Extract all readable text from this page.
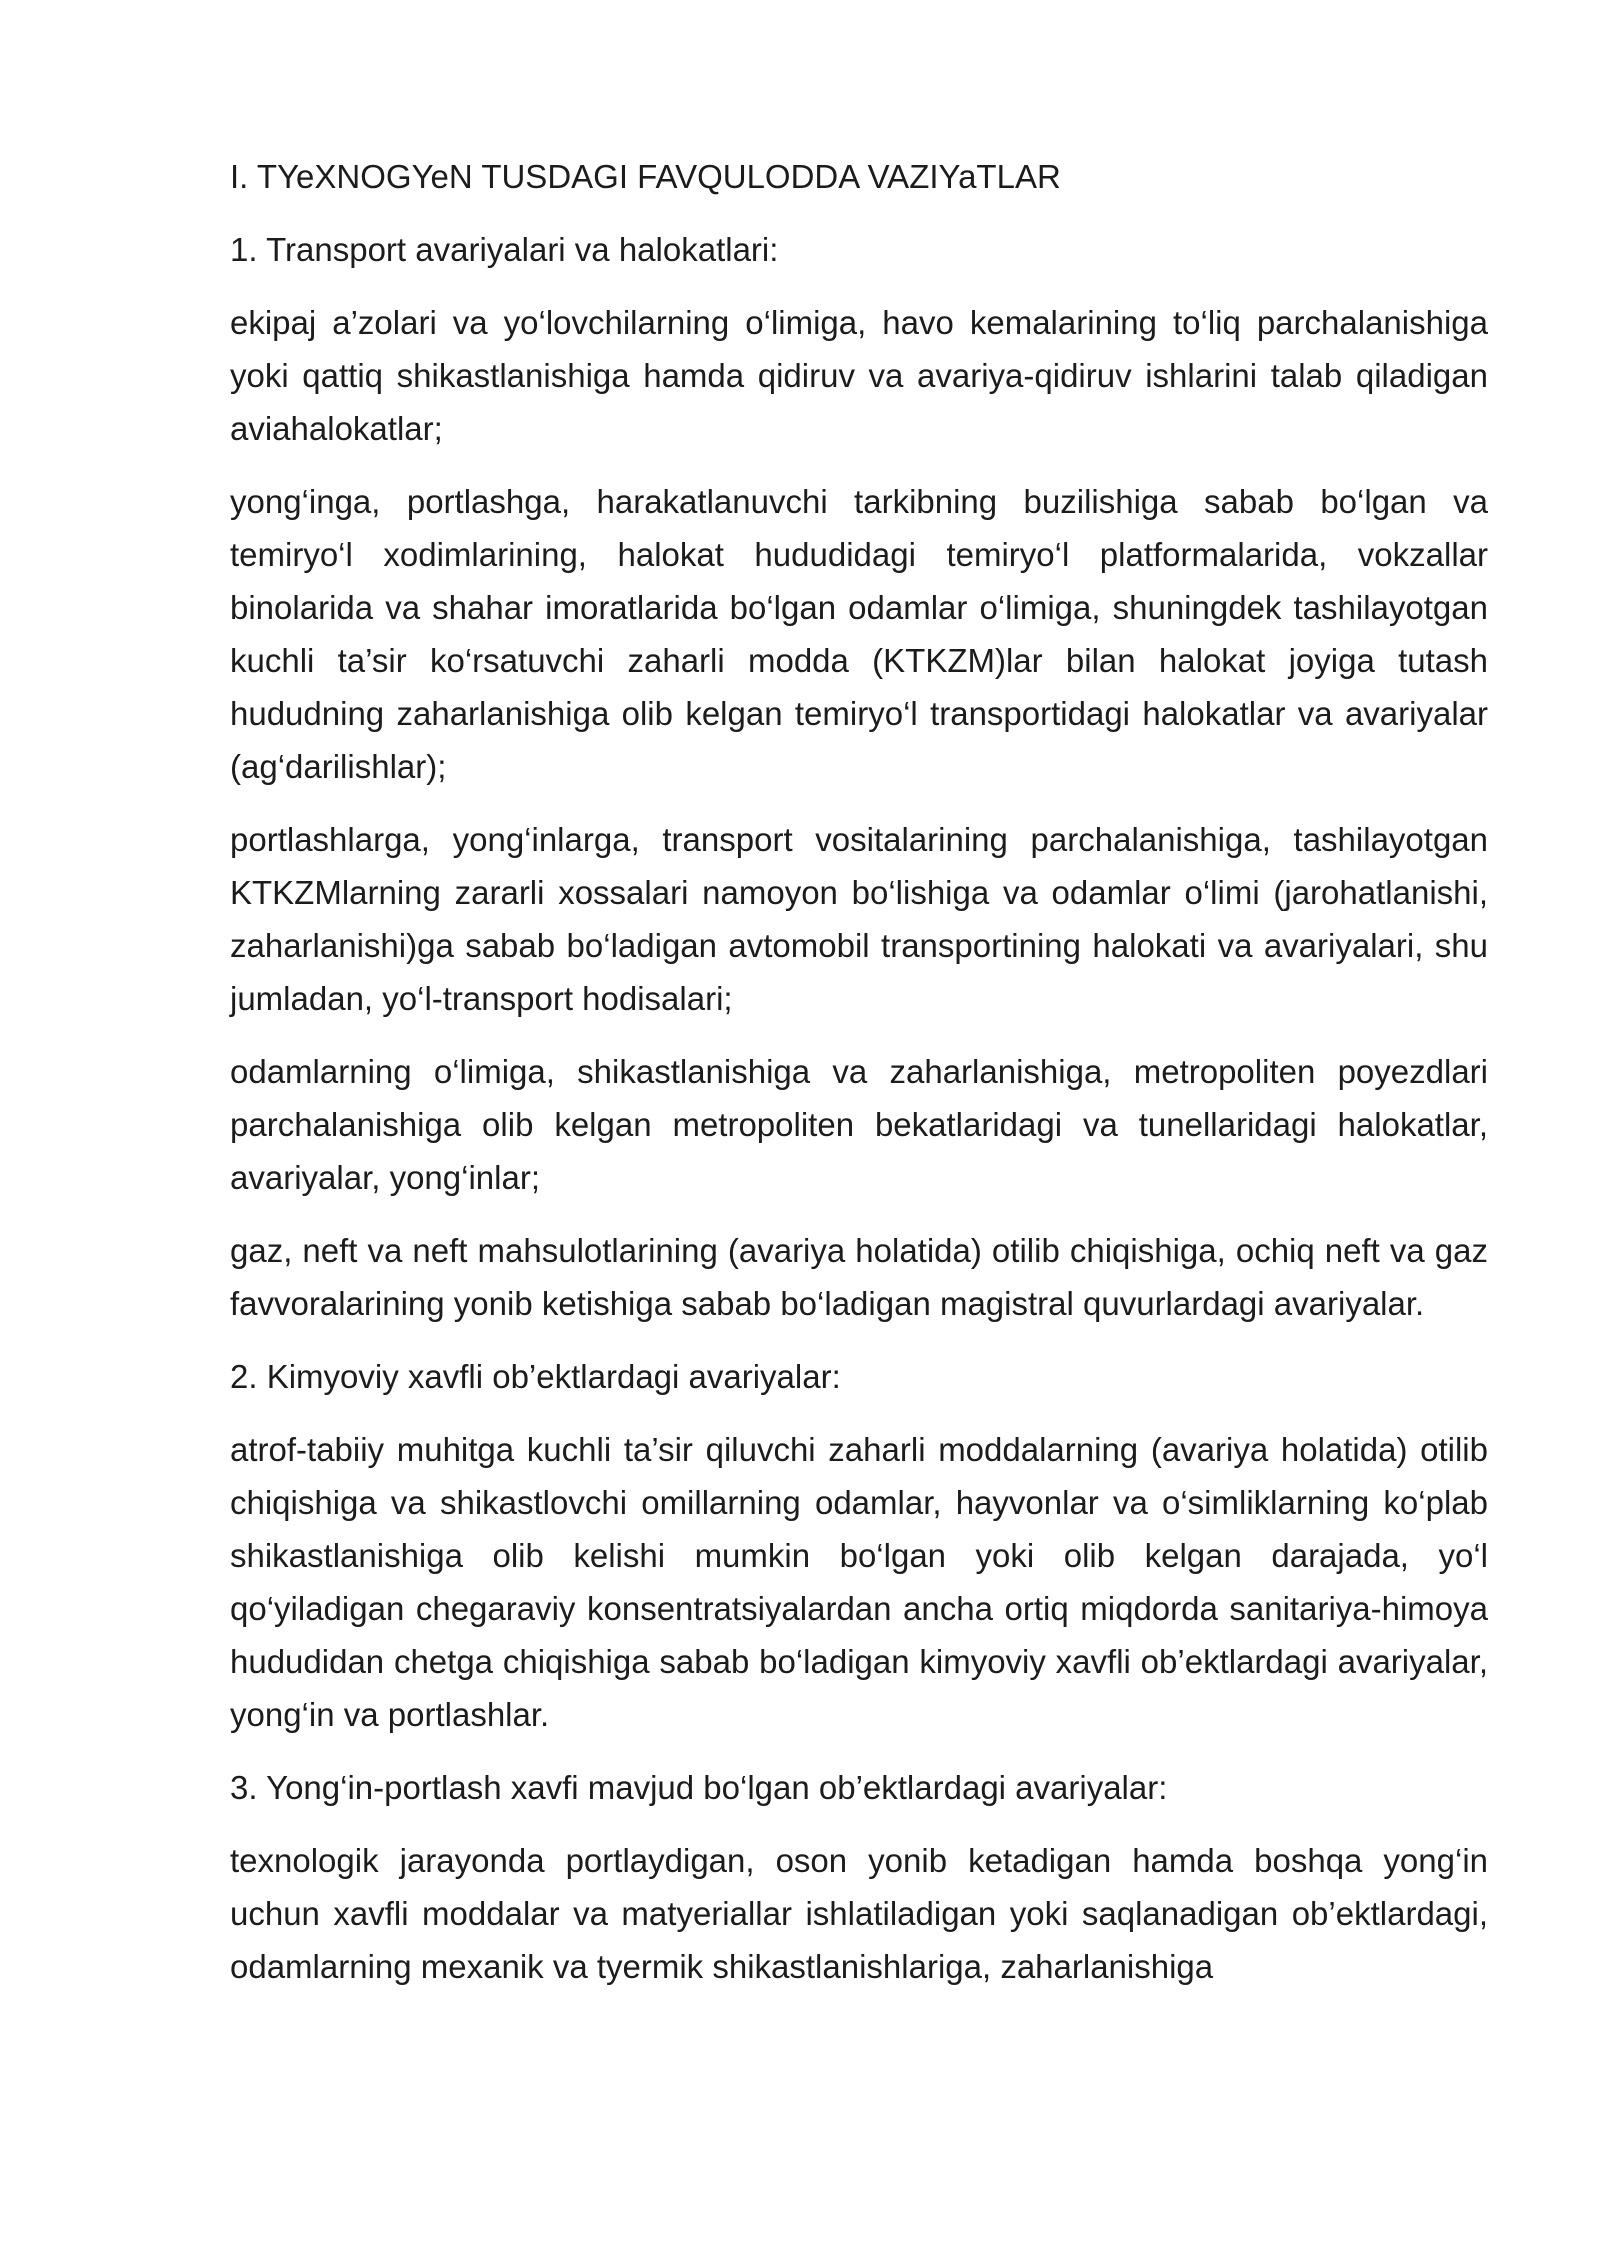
I. TYeXNOGYeN TUSDAGI FAVQULODDA VAZIYaTLAR

1. Transport avariyalari va halokatlari:

ekipaj a’zolari va yo‘lovchilarning o‘limiga, havo kemalarining to‘liq parchalanishiga yoki qattiq shikastlanishiga hamda qidiruv va avariya-qidiruv ishlarini talab qiladigan aviahalokatlar;

yong‘inga, portlashga, harakatlanuvchi tarkibning buzilishiga sabab bo‘lgan va temiryo‘l xodimlarining, halokat hududidagi temiryo‘l platformalarida, vokzallar binolarida va shahar imoratlarida bo‘lgan odamlar o‘limiga, shuningdek tashilayotgan kuchli ta’sir ko‘rsatuvchi zaharli modda (KTKZM)lar bilan halokat joyiga tutash hududning zaharlanishiga olib kelgan temiryo‘l transportidagi halokatlar va avariyalar (ag‘darilishlar);

portlashlarga, yong‘inlarga, transport vositalarining parchalanishiga, tashilayotgan KTKZMlarning zararli xossalari namoyon bo‘lishiga va odamlar o‘limi (jarohatlanishi, zaharlanishi)ga sabab bo‘ladigan avtomobil transportining halokati va avariyalari, shu jumladan, yo‘l-transport hodisalari;

odamlarning o‘limiga, shikastlanishiga va zaharlanishiga, metropoliten poyezdlari parchalanishiga olib kelgan metropoliten bekatlaridagi va tunellaridagi halokatlar, avariyalar, yong‘inlar;

gaz, neft va neft mahsulotlarining (avariya holatida) otilib chiqishiga, ochiq neft va gaz favvoralarining yonib ketishiga sabab bo‘ladigan magistral quvurlardagi avariyalar.

2. Kimyoviy xavfli ob’ektlardagi avariyalar:

atrof-tabiiy muhitga kuchli ta’sir qiluvchi zaharli moddalarning (avariya holatida) otilib chiqishiga va shikastlovchi omillarning odamlar, hayvonlar va o‘simliklarning ko‘plab shikastlanishiga olib kelishi mumkin bo‘lgan yoki olib kelgan darajada, yo‘l qo‘yiladigan chegaraviy konsentratsiyalardan ancha ortiq miqdorda sanitariya-himoya hududidan chetga chiqishiga sabab bo‘ladigan kimyoviy xavfli ob’ektlardagi avariyalar, yong‘in va portlashlar.

3. Yong‘in-portlash xavfi mavjud bo‘lgan ob’ektlardagi avariyalar:

texnologik jarayonda portlaydigan, oson yonib ketadigan hamda boshqa yong‘in uchun xavfli moddalar va matyeriallar ishlatiladigan yoki saqlanadigan ob’ektlardagi, odamlarning mexanik va tyermik shikastlanishlariga, zaharlanishiga
